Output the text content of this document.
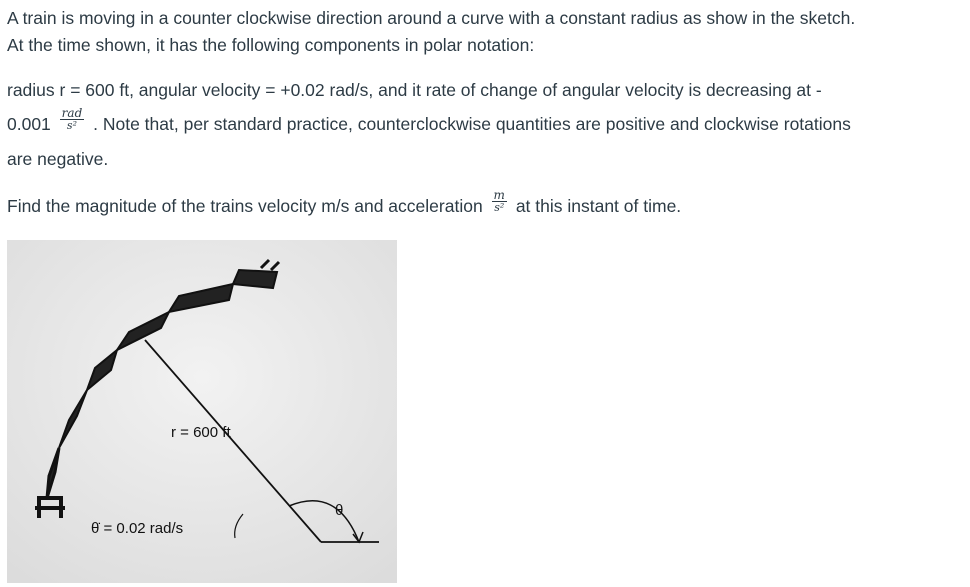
A train is moving in a counter clockwise direction around a curve with a constant radius as show in the sketch.

At the time shown, it has the following components in polar notation:

radius r = 600 ft, angular velocity = +0.02 rad/s, and it rate of change of angular velocity is decreasing at -

$0.001 \frac{\text{rad}}{\text{s²}}$ . Note that, per standard practice, counterclockwise quantities are positive and clockwise rotations

are negative.

Find the magnitude of the trains velocity m/s and acceleration $\frac{m}{\text{s²}}$ at this instant of time.

r = 600 ft
θ̇ = 0.02 rad/s
θ
